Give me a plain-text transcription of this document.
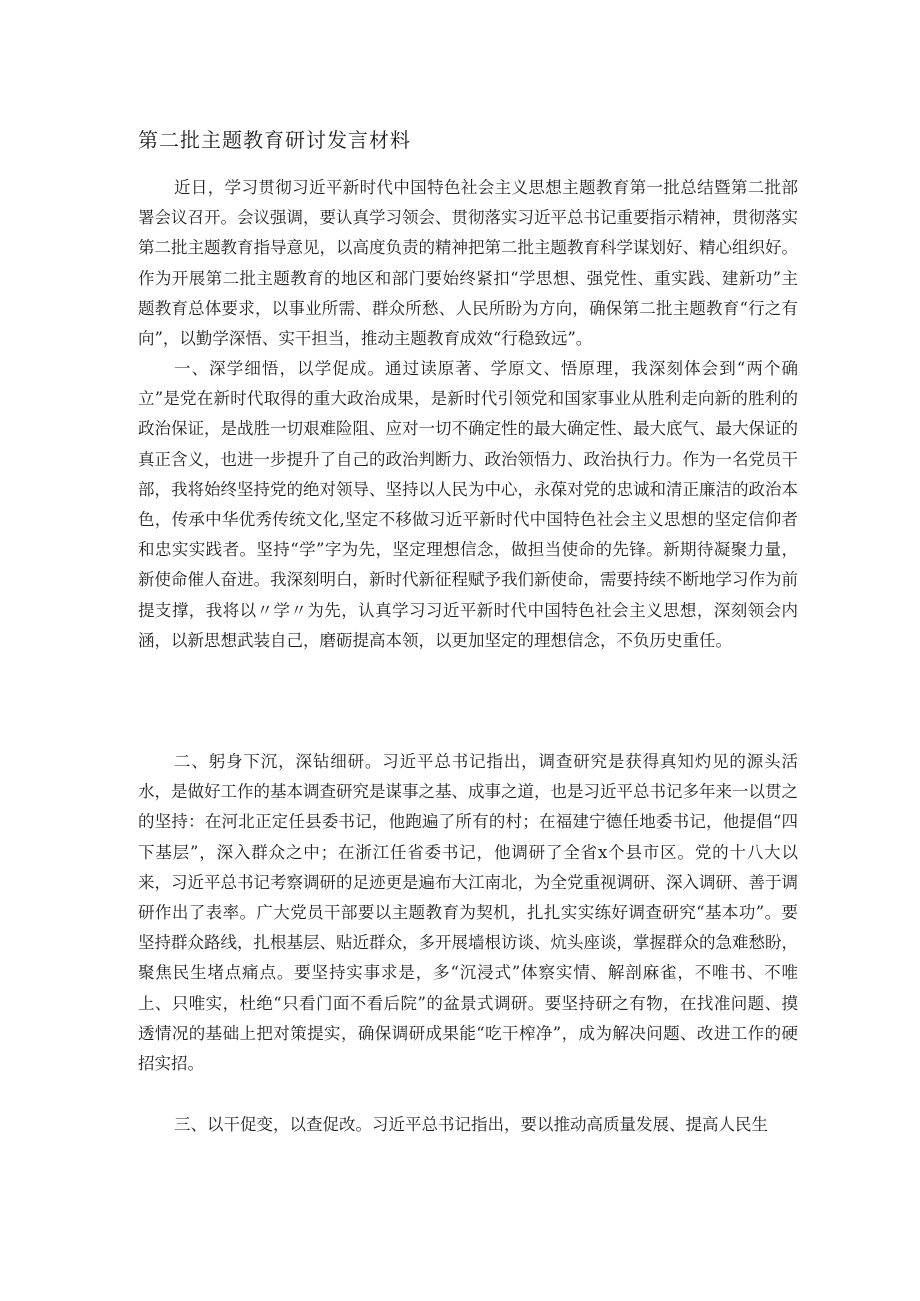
第二批主题教育研讨发言材料

近日，学习贯彻习近平新时代中国特色社会主义思想主题教育第一批总结暨第二批部署会议召开。会议强调，要认真学习领会、贯彻落实习近平总书记重要指示精神，贯彻落实第二批主题教育指导意见，以高度负责的精神把第二批主题教育科学谋划好、精心组织好。作为开展第二批主题教育的地区和部门要始终紧扣“学思想、强党性、重实践、建新功”主题教育总体要求，以事业所需、群众所愁、人民所盼为方向，确保第二批主题教育“行之有向”，以勤学深悟、实干担当，推动主题教育成效“行稳致远”。

一、深学细悟，以学促成。通过读原著、学原文、悟原理，我深刻体会到“两个确立”是党在新时代取得的重大政治成果，是新时代引领党和国家事业从胜利走向新的胜利的政治保证，是战胜一切艰难险阻、应对一切不确定性的最大确定性、最大底气、最大保证的真正含义，也进一步提升了自己的政治判断力、政治领悟力、政治执行力。作为一名党员干部，我将始终坚持党的绝对领导、坚持以人民为中心，永葆对党的忠诚和清正廉洁的政治本色，传承中华优秀传统文化,坚定不移做习近平新时代中国特色社会主义思想的坚定信仰者和忠实实践者。坚持“学”字为先，坚定理想信念，做担当使命的先锋。新期待凝聚力量，新使命催人奋进。我深刻明白，新时代新征程赋予我们新使命，需要持续不断地学习作为前提支撑，我将以〃学〃为先，认真学习习近平新时代中国特色社会主义思想，深刻领会内涵，以新思想武装自己，磨砺提高本领，以更加坚定的理想信念，不负历史重任。

二、躬身下沉，深钻细研。习近平总书记指出，调查研究是获得真知灼见的源头活水，是做好工作的基本调查研究是谋事之基、成事之道，也是习近平总书记多年来一以贯之的坚持：在河北正定任县委书记，他跑遍了所有的村；在福建宁德任地委书记，他提倡“四下基层”，深入群众之中；在浙江任省委书记，他调研了全省x个县市区。党的十八大以来，习近平总书记考察调研的足迹更是遍布大江南北，为全党重视调研、深入调研、善于调研作出了表率。广大党员干部要以主题教育为契机，扎扎实实练好调查研究“基本功”。要坚持群众路线，扎根基层、贴近群众，多开展墙根访谈、炕头座谈，掌握群众的急难愁盼，聚焦民生堵点痛点。要坚持实事求是，多“沉浸式”体察实情、解剖麻雀，不唯书、不唯上、只唯实，杜绝“只看门面不看后院”的盆景式调研。要坚持研之有物，在找准问题、摸透情况的基础上把对策提实，确保调研成果能“吃干榨净”，成为解决问题、改进工作的硬招实招。

三、以干促变，以查促改。习近平总书记指出，要以推动高质量发展、提高人民生
